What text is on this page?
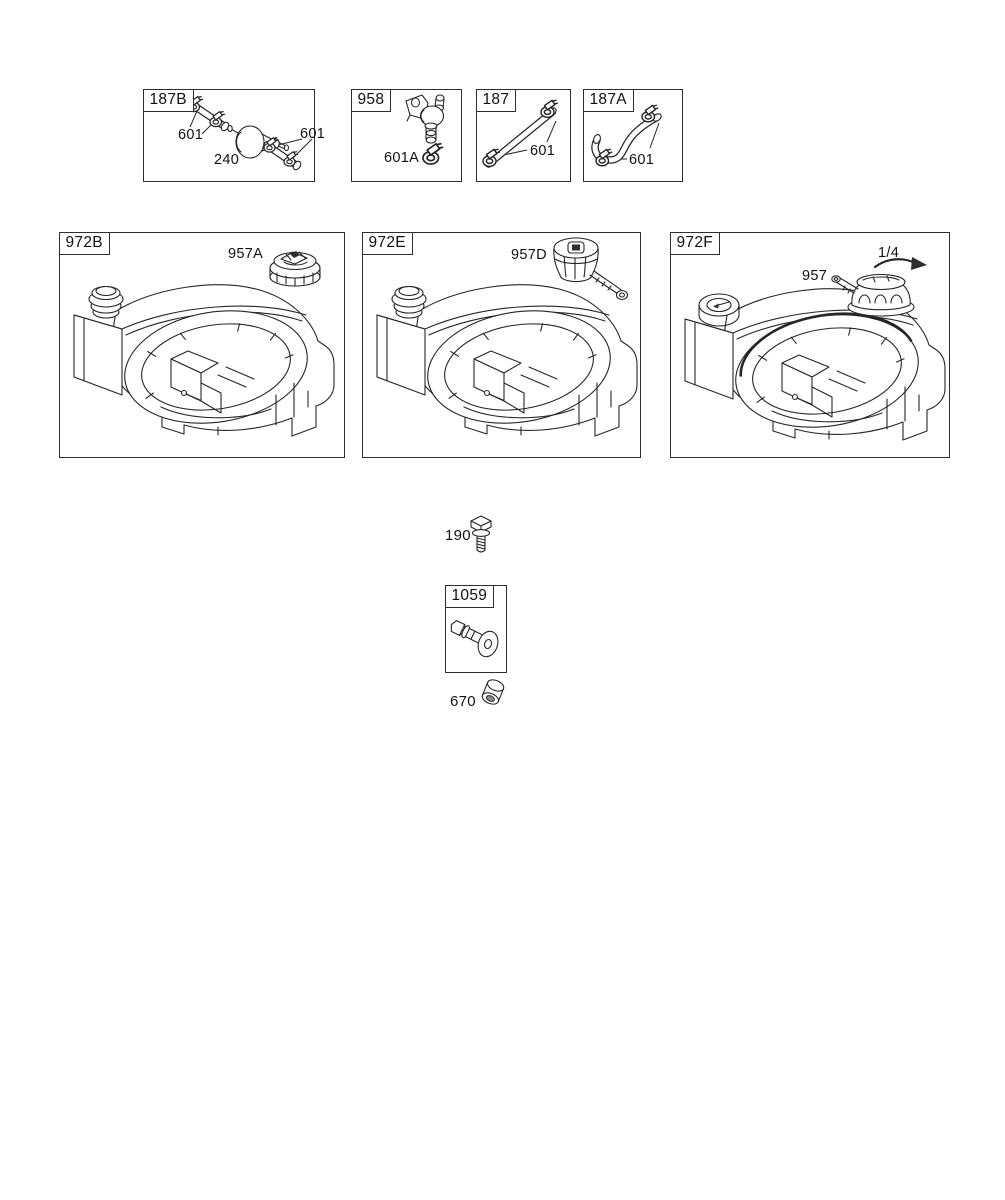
601
240
601
187B
601A
958
601
187
601
187A
957A
972B
957D
972E
1/4
957
972F
190
1059
670
